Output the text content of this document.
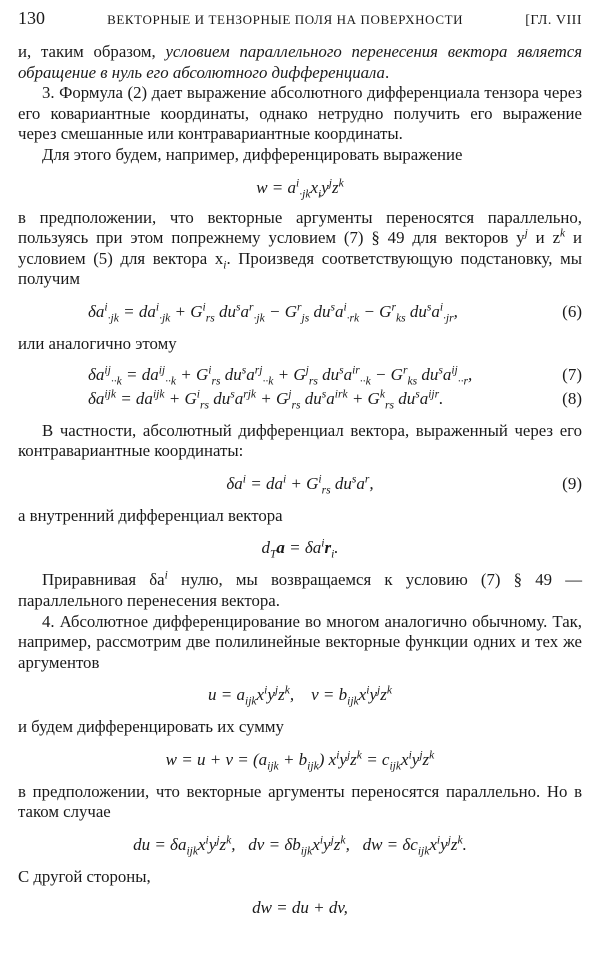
130	ВЕКТОРНЫЕ И ТЕНЗОРНЫЕ ПОЛЯ НА ПОВЕРХНОСТИ	[ГЛ. VIII

и, таким образом, условием параллельного перенесения вектора является обращение в нуль его абсолютного дифференциала.

3. Формула (2) дает выражение абсолютного дифференциала тензора через его ковариантные координаты, однако нетрудно получить его выражение через смешанные или контравариантные координаты.

Для этого будем, например, дифференцировать выражение

$w = a^i_{\cdot jk}x_iy^jz^k$

в предположении, что векторные аргументы переносятся параллельно, пользуясь при этом попрежнему условием (7) § 49 для векторов $y^j$ и $z^k$ и условием (5) для вектора $x_i$. Произведя соответствующую подстановку, мы получим

$\delta a^i_{\cdot jk} = da^i_{\cdot jk} + G^i_{rs}$ $du^sa^r_{\cdot jk} - G^r_{js}$ $du^sa^i_{\cdot rk} - G^r_{ks}$ $du^sa^i_{\cdot jr}$,	(6)

или аналогично этому

$\delta a^{ij}_{\cdot\cdot k} = da^{ij}_{\cdot\cdot k} + G^i_{rs}$ $du^sa^{rj}_{\cdot\cdot k} + G^j_{rs}$ $du^sa^{ir}_{\cdot\cdot k} - G^r_{ks}$ $du^sa^{ij}_{\cdot\cdot r}$,	(7)
$\delta a^{ijk} = da^{ijk} + G^i_{rs}$ $du^sa^{rjk} + G^j_{rs}$ $du^sa^{irk} + G^k_{rs}$ $du^sa^{ijr}$.	(8)

В частности, абсолютный дифференциал вектора, выраженный через его контравариантные координаты:

$\delta a^i = da^i + G^i_{rs}$ $du^sa^r$,	(9)

а внутренний дифференциал вектора

$d_Ta = \delta a^ir_i$.

Приравнивая $\delta a^i$ нулю, мы возвращаемся к условию (7) § 49 — параллельного перенесения вектора.

4. Абсолютное дифференцирование во многом аналогично обычному. Так, например, рассмотрим две полилинейные векторные функции одних и тех же аргументов

$u = a_{ijk}x^iy^jz^k$,    $v = b_{ijk}x^iy^jz^k$

и будем дифференцировать их сумму

$w = u + v = (a_{ijk} + b_{ijk}) x^iy^jz^k = c_{ijk}x^iy^jz^k$

в предположении, что векторные аргументы переносятся параллельно. Но в таком случае

du = $\delta a_{ijk}x^iy^jz^k$,   dv = $\delta b_{ijk}x^iy^jz^k$,   dw = $\delta c_{ijk}x^iy^jz^k$.

С другой стороны,

dw = du + dv,
